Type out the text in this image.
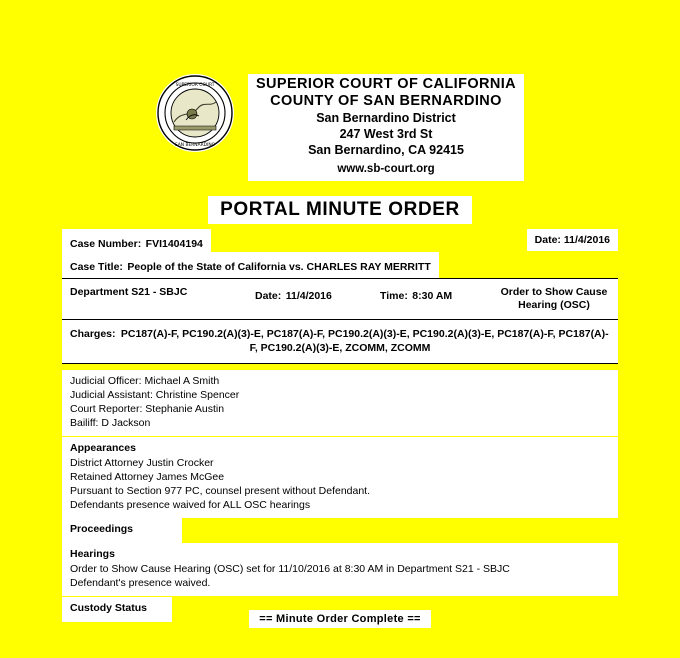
SUPERIOR COURT
SAN BERNARDINO
SUPERIOR COURT OF CALIFORNIA
COUNTY OF SAN BERNARDINO
San Bernardino District
247 West 3rd St
San Bernardino, CA 92415
www.sb-court.org
PORTAL MINUTE ORDER
Case Number: FVI1404194	Date: 11/4/2016
Case Title: People of the State of California vs. CHARLES RAY MERRITT
Department S21 - SBJC	Date: 11/4/2016	Time: 8:30 AM	Order to Show Cause
Hearing (OSC)
Charges: PC187(A)-F, PC190.2(A)(3)-E, PC187(A)-F, PC190.2(A)(3)-E, PC190.2(A)(3)-E, PC187(A)-F, PC187(A)-F, PC190.2(A)(3)-E, ZCOMM, ZCOMM
Judicial Officer: Michael A Smith
Judicial Assistant: Christine Spencer
Court Reporter: Stephanie Austin
Bailiff: D Jackson
Appearances
District Attorney Justin Crocker
Retained Attorney James McGee
Pursuant to Section 977 PC, counsel present without Defendant.
Defendants presence waived for ALL OSC hearings
Proceedings
Hearings
Order to Show Cause Hearing (OSC) set for 11/10/2016 at 8:30 AM in Department S21 - SBJC
Defendant's presence waived.
Custody Status
== Minute Order Complete ==
